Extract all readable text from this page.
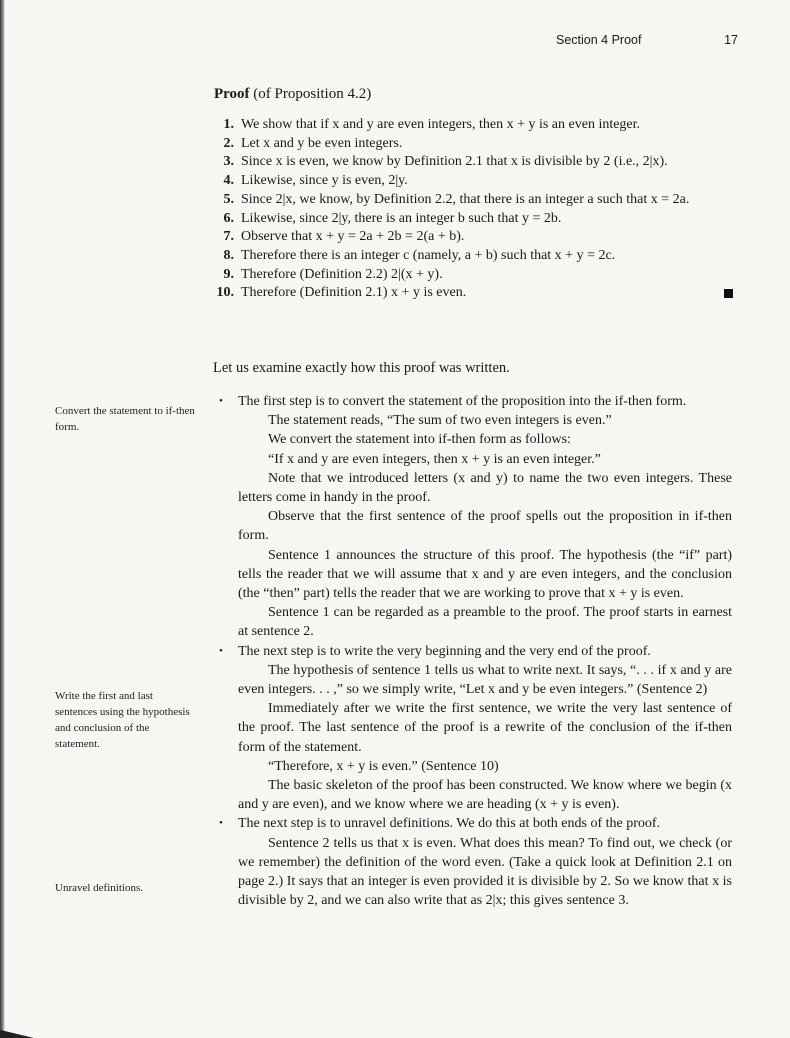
Section 4 Proof	17
Proof (of Proposition 4.2)
1. We show that if x and y are even integers, then x + y is an even integer.
2. Let x and y be even integers.
3. Since x is even, we know by Definition 2.1 that x is divisible by 2 (i.e., 2|x).
4. Likewise, since y is even, 2|y.
5. Since 2|x, we know, by Definition 2.2, that there is an integer a such that x = 2a.
6. Likewise, since 2|y, there is an integer b such that y = 2b.
7. Observe that x + y = 2a + 2b = 2(a + b).
8. Therefore there is an integer c (namely, a + b) such that x + y = 2c.
9. Therefore (Definition 2.2) 2|(x + y).
10. Therefore (Definition 2.1) x + y is even.
Let us examine exactly how this proof was written.
Convert the statement to if-then form.
Write the first and last sentences using the hypothesis and conclusion of the statement.
Unravel definitions.

• The first step is to convert the statement of the proposition into the if-then form.

The statement reads, “The sum of two even integers is even.”

We convert the statement into if-then form as follows:

“If x and y are even integers, then x + y is an even integer.”

Note that we introduced letters (x and y) to name the two even integers. These letters come in handy in the proof.

Observe that the first sentence of the proof spells out the proposition in if-then form.

Sentence 1 announces the structure of this proof. The hypothesis (the “if” part) tells the reader that we will assume that x and y are even integers, and the conclusion (the “then” part) tells the reader that we are working to prove that x + y is even.

Sentence 1 can be regarded as a preamble to the proof. The proof starts in earnest at sentence 2.

• The next step is to write the very beginning and the very end of the proof.

The hypothesis of sentence 1 tells us what to write next. It says, “. . . if x and y are even integers. . . ,” so we simply write, “Let x and y be even integers.” (Sentence 2)

Immediately after we write the first sentence, we write the very last sentence of the proof. The last sentence of the proof is a rewrite of the conclusion of the if-then form of the statement.

“Therefore, x + y is even.” (Sentence 10)

The basic skeleton of the proof has been constructed. We know where we begin (x and y are even), and we know where we are heading (x + y is even).

• The next step is to unravel definitions. We do this at both ends of the proof.

Sentence 2 tells us that x is even. What does this mean? To find out, we check (or we remember) the definition of the word even. (Take a quick look at Definition 2.1 on page 2.) It says that an integer is even provided it is divisible by 2. So we know that x is divisible by 2, and we can also write that as 2|x; this gives sentence 3.
